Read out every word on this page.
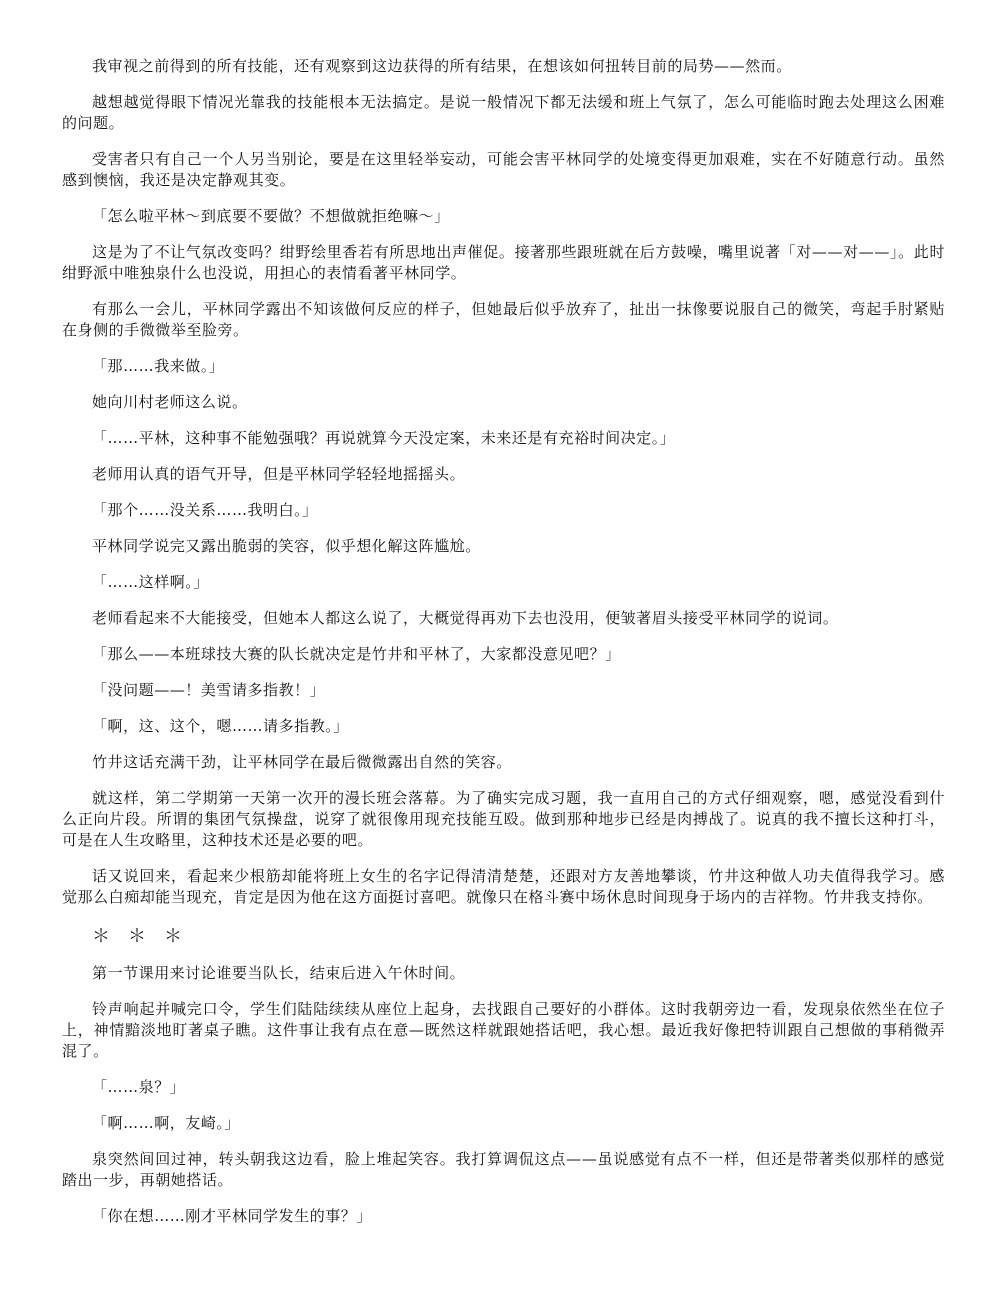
我审视之前得到的所有技能，还有观察到这边获得的所有结果，在想该如何扭转目前的局势——然而。

越想越觉得眼下情况光靠我的技能根本无法搞定。是说一般情况下都无法缓和班上气氛了，怎么可能临时跑去处理这么困难的问题。

受害者只有自己一个人另当别论，要是在这里轻举妄动，可能会害平林同学的处境变得更加艰难，实在不好随意行动。虽然感到懊恼，我还是决定静观其变。

「怎么啦平林～到底要不要做？不想做就拒绝嘛～」

这是为了不让气氛改变吗？绀野绘里香若有所思地出声催促。接著那些跟班就在后方鼓噪，嘴里说著「对——对——」。此时绀野派中唯独泉什么也没说，用担心的表情看著平林同学。

有那么一会儿，平林同学露出不知该做何反应的样子，但她最后似乎放弃了，扯出一抹像要说服自己的微笑，弯起手肘紧贴在身侧的手微微举至脸旁。

「那……我来做。」

她向川村老师这么说。

「……平林，这种事不能勉强哦？再说就算今天没定案，未来还是有充裕时间决定。」

老师用认真的语气开导，但是平林同学轻轻地摇摇头。

「那个……没关系……我明白。」

平林同学说完又露出脆弱的笑容，似乎想化解这阵尴尬。

「……这样啊。」

老师看起来不大能接受，但她本人都这么说了，大概觉得再劝下去也没用，便皱著眉头接受平林同学的说词。

「那么——本班球技大赛的队长就决定是竹井和平林了，大家都没意见吧？」

「没问题——！美雪请多指教！」

「啊，这、这个，嗯……请多指教。」

竹井这话充满干劲，让平林同学在最后微微露出自然的笑容。

就这样，第二学期第一天第一次开的漫长班会落幕。为了确实完成习题，我一直用自己的方式仔细观察，嗯，感觉没看到什么正向片段。所谓的集团气氛操盘，说穿了就很像用现充技能互殴。做到那种地步已经是肉搏战了。说真的我不擅长这种打斗，可是在人生攻略里，这种技术还是必要的吧。

话又说回来，看起来少根筋却能将班上女生的名字记得清清楚楚，还跟对方友善地攀谈，竹井这种做人功夫值得我学习。感觉那么白痴却能当现充，肯定是因为他在这方面挺讨喜吧。就像只在格斗赛中场休息时间现身于场内的吉祥物。竹井我支持你。

＊　＊　＊

第一节课用来讨论谁要当队长，结束后进入午休时间。

铃声响起并喊完口令，学生们陆陆续续从座位上起身，去找跟自己要好的小群体。这时我朝旁边一看，发现泉依然坐在位子上，神情黯淡地盯著桌子瞧。这件事让我有点在意—既然这样就跟她搭话吧，我心想。最近我好像把特训跟自己想做的事稍微弄混了。

「……泉？」

「啊……啊，友崎。」

泉突然间回过神，转头朝我这边看，脸上堆起笑容。我打算调侃这点——虽说感觉有点不一样，但还是带著类似那样的感觉踏出一步，再朝她搭话。

「你在想……刚才平林同学发生的事？」
